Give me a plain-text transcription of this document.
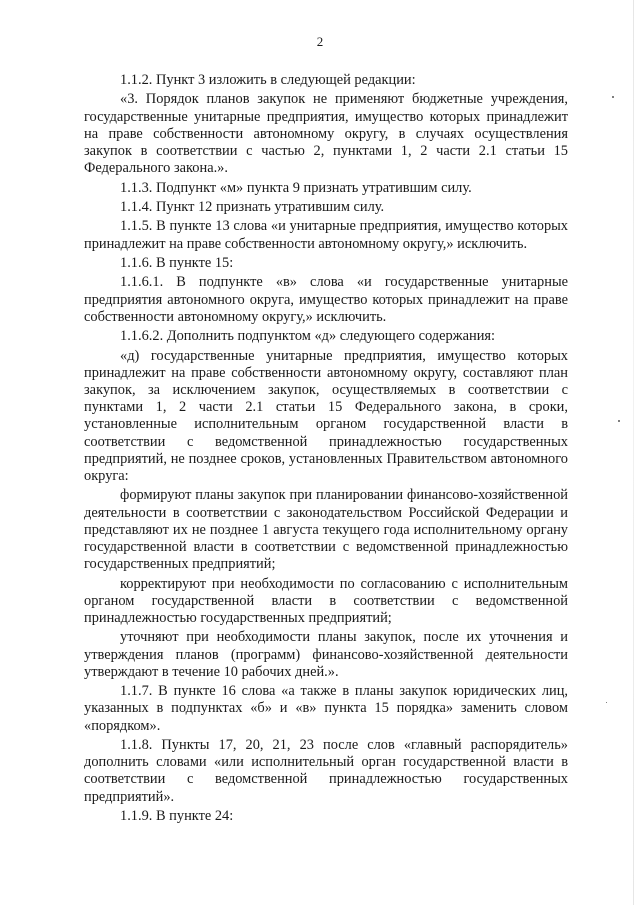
2

1.1.2. Пункт 3 изложить в следующей редакции:

«3. Порядок планов закупок не применяют бюджетные учреждения, государственные унитарные предприятия, имущество которых принадлежит на праве собственности автономному округу, в случаях осуществления закупок в соответствии с частью 2, пунктами 1, 2 части 2.1 статьи 15 Федерального закона.».

1.1.3. Подпункт «м» пункта 9 признать утратившим силу.

1.1.4. Пункт 12 признать утратившим силу.

1.1.5. В пункте 13 слова «и унитарные предприятия, имущество которых принадлежит на праве собственности автономному округу,» исключить.

1.1.6. В пункте 15:

1.1.6.1. В подпункте «в» слова «и государственные унитарные предприятия автономного округа, имущество которых принадлежит на праве собственности автономному округу,» исключить.

1.1.6.2. Дополнить подпунктом «д» следующего содержания:

«д) государственные унитарные предприятия, имущество которых принадлежит на праве собственности автономному округу, составляют план закупок, за исключением закупок, осуществляемых в соответствии с пунктами 1, 2 части 2.1 статьи 15 Федерального закона, в сроки, установленные исполнительным органом государственной власти в соответствии с ведомственной принадлежностью государственных предприятий, не позднее сроков, установленных Правительством автономного округа:

формируют планы закупок при планировании финансово-хозяйственной деятельности в соответствии с законодательством Российской Федерации и представляют их не позднее 1 августа текущего года исполнительному органу государственной власти в соответствии с ведомственной принадлежностью государственных предприятий;

корректируют при необходимости по согласованию с исполнительным органом государственной власти в соответствии с ведомственной принадлежностью государственных предприятий;

уточняют при необходимости планы закупок, после их уточнения и утверждения планов (программ) финансово-хозяйственной деятельности утверждают в течение 10 рабочих дней.».

1.1.7. В пункте 16 слова «а также в планы закупок юридических лиц, указанных в подпунктах «б» и «в» пункта 15 порядка» заменить словом «порядком».

1.1.8. Пункты 17, 20, 21, 23 после слов «главный распорядитель» дополнить словами «или исполнительный орган государственной власти в соответствии с ведомственной принадлежностью государственных предприятий».

1.1.9. В пункте 24:
